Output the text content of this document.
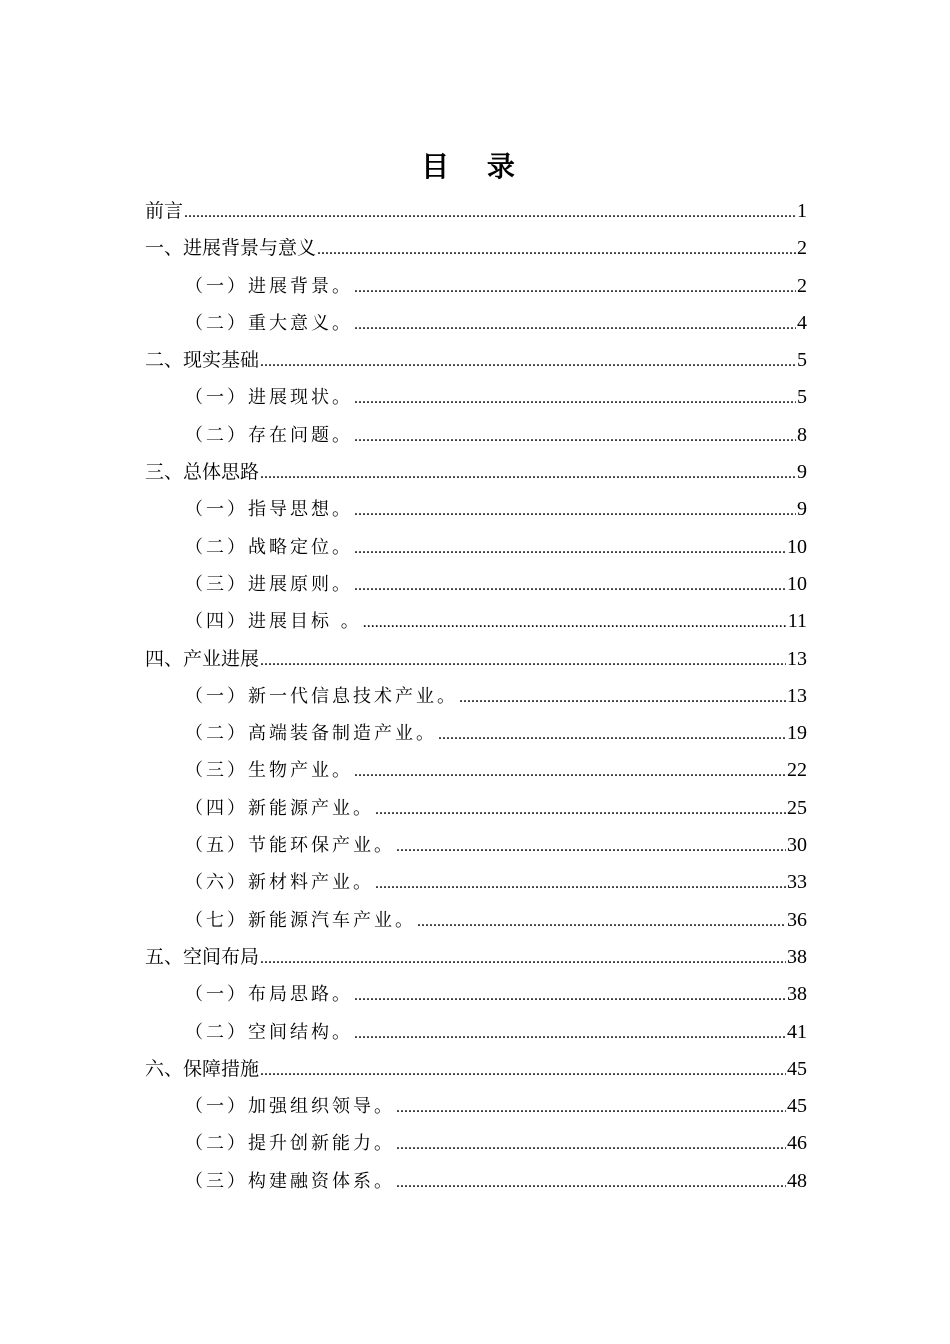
目 录
前言 .....	1
一、进展背景与意义 .....	2
（一）进展背景。 .....	2
（二）重大意义。 .....	4
二、现实基础 .....	5
（一）进展现状。 .....	5
（二）存在问题。 .....	8
三、总体思路 .....	9
（一）指导思想。 .....	9
（二）战略定位。 .....	10
（三）进展原则。 .....	10
（四）进展目标 。 .....	11
四、产业进展 .....	13
（一）新一代信息技术产业。 .....	13
（二）高端装备制造产业。 .....	19
（三）生物产业。 .....	22
（四）新能源产业。 .....	25
（五）节能环保产业。 .....	30
（六）新材料产业。 .....	33
（七）新能源汽车产业。 .....	36
五、空间布局 .....	38
（一）布局思路。 .....	38
（二）空间结构。 .....	41
六、保障措施 .....	45
（一）加强组织领导。 .....	45
（二）提升创新能力。 .....	46
（三）构建融资体系。 .....	48
